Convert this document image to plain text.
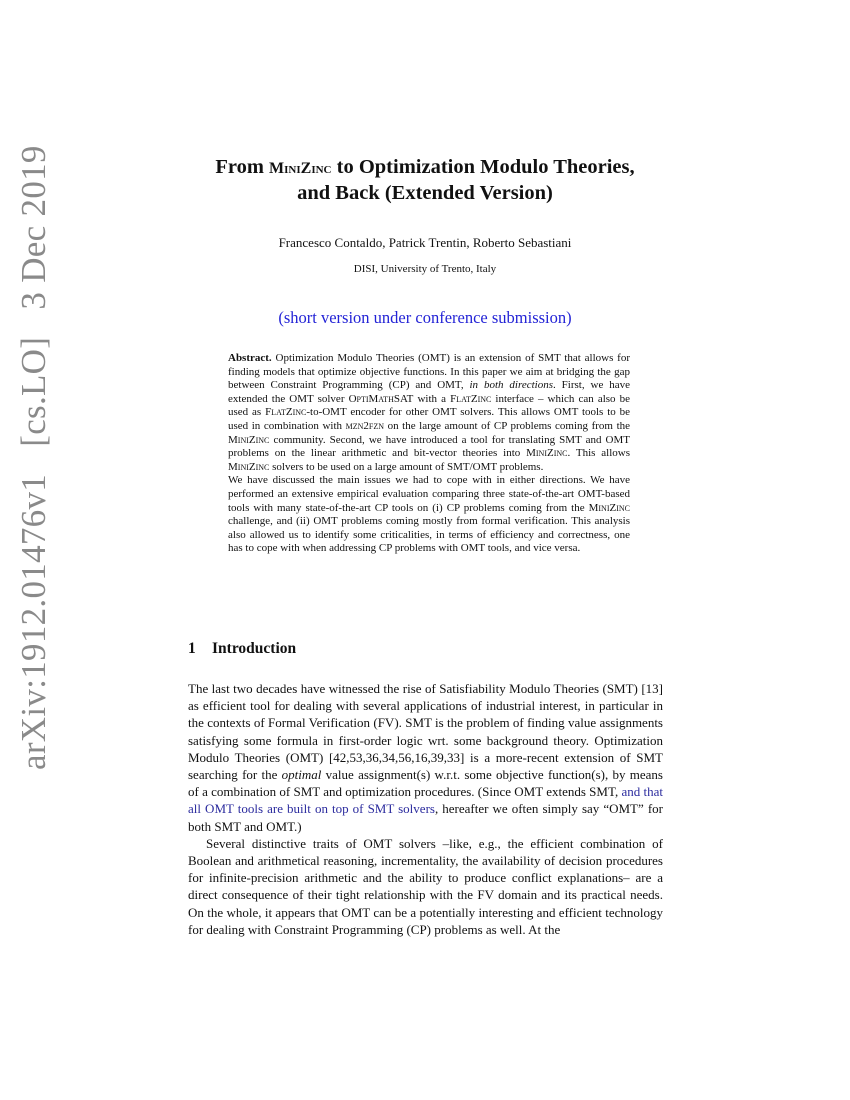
arXiv:1912.01476v1   [cs.LO]   3 Dec 2019	From MiniZinc to Optimization Modulo Theories,
and Back (Extended Version)
Francesco Contaldo, Patrick Trentin, Roberto Sebastiani
DISI, University of Trento, Italy
(short version under conference submission)

Abstract. Optimization Modulo Theories (OMT) is an extension of SMT that allows for finding models that optimize objective functions. In this paper we aim at bridging the gap between Constraint Programming (CP) and OMT, in both directions. First, we have extended the OMT solver OptiMathSAT with a FlatZinc interface – which can also be used as FlatZinc-to-OMT encoder for other OMT solvers. This allows OMT tools to be used in combination with mzn2fzn on the large amount of CP problems coming from the MiniZinc community. Second, we have introduced a tool for translating SMT and OMT problems on the linear arithmetic and bit-vector theories into MiniZinc. This allows MiniZinc solvers to be used on a large amount of SMT/OMT problems.

We have discussed the main issues we had to cope with in either directions. We have performed an extensive empirical evaluation comparing three state-of-the-art OMT-based tools with many state-of-the-art CP tools on (i) CP problems coming from the MiniZinc challenge, and (ii) OMT problems coming mostly from formal verification. This analysis also allowed us to identify some criticalities, in terms of efficiency and correctness, one has to cope with when addressing CP problems with OMT tools, and vice versa.

1 Introduction

The last two decades have witnessed the rise of Satisfiability Modulo Theories (SMT) [13] as efficient tool for dealing with several applications of industrial interest, in particular in the contexts of Formal Verification (FV). SMT is the problem of finding value assignments satisfying some formula in first-order logic wrt. some background theory. Optimization Modulo Theories (OMT) [42,53,36,34,56,16,39,33] is a more-recent extension of SMT searching for the optimal value assignment(s) w.r.t. some objective function(s), by means of a combination of SMT and optimization procedures. (Since OMT extends SMT, and that all OMT tools are built on top of SMT solvers, hereafter we often simply say “OMT” for both SMT and OMT.)

Several distinctive traits of OMT solvers –like, e.g., the efficient combination of Boolean and arithmetical reasoning, incrementality, the availability of decision procedures for infinite-precision arithmetic and the ability to produce conflict explanations– are a direct consequence of their tight relationship with the FV domain and its practical needs. On the whole, it appears that OMT can be a potentially interesting and efficient technology for dealing with Constraint Programming (CP) problems as well. At the
